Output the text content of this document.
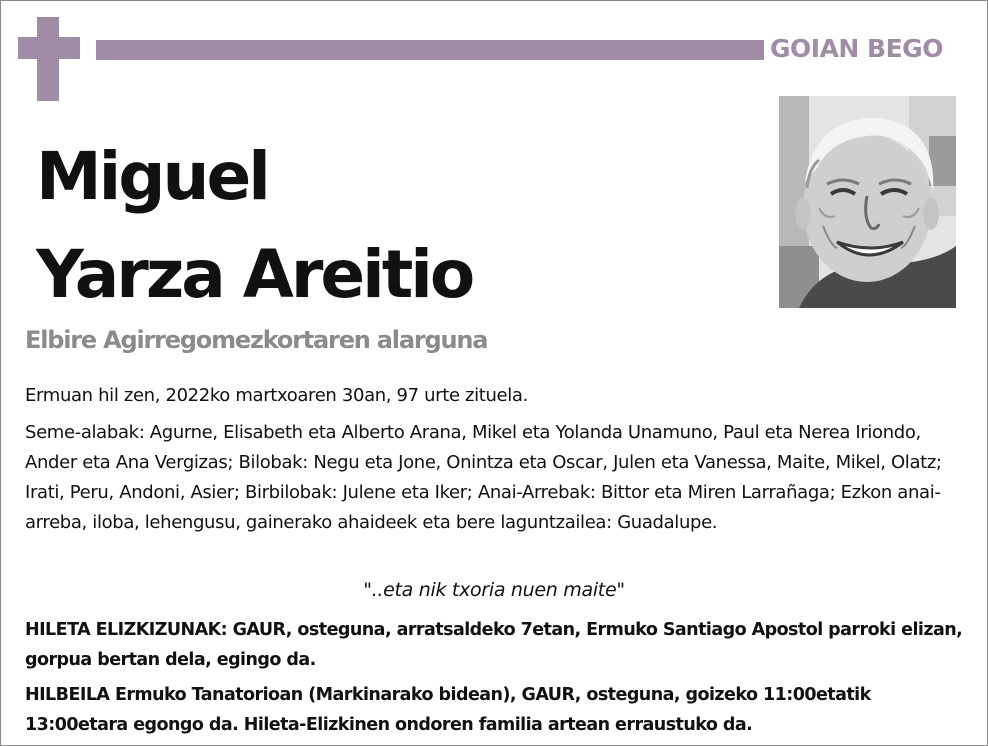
GOIAN BEGO
Miguel
Yarza Areitio
Elbire Agirregomezkortaren alarguna
Ermuan hil zen, 2022ko martxoaren 30an, 97 urte zituela.
Seme-alabak: Agurne, Elisabeth eta Alberto Arana, Mikel eta Yolanda Unamuno, Paul eta Nerea Iriondo, Ander eta Ana Vergizas; Bilobak: Negu eta Jone, Onintza eta Oscar, Julen eta Vanessa, Maite, Mikel, Olatz; Irati, Peru, Andoni, Asier; Birbilobak: Julene eta Iker; Anai-Arrebak: Bittor eta Miren Larrañaga; Ezkon anai-arreba, iloba, lehengusu, gainerako ahaideek eta bere laguntzailea: Guadalupe.
"..eta nik txoria nuen maite"
HILETA ELIZKIZUNAK: GAUR, osteguna, arratsaldeko 7etan, Ermuko Santiago Apostol parroki elizan, gorpua bertan dela, egingo da.
HILBEILA Ermuko Tanatorioan (Markinarako bidean), GAUR, osteguna, goizeko 11:00etatik 13:00etara egongo da. Hileta-Elizkinen ondoren familia artean erraustuko da.
